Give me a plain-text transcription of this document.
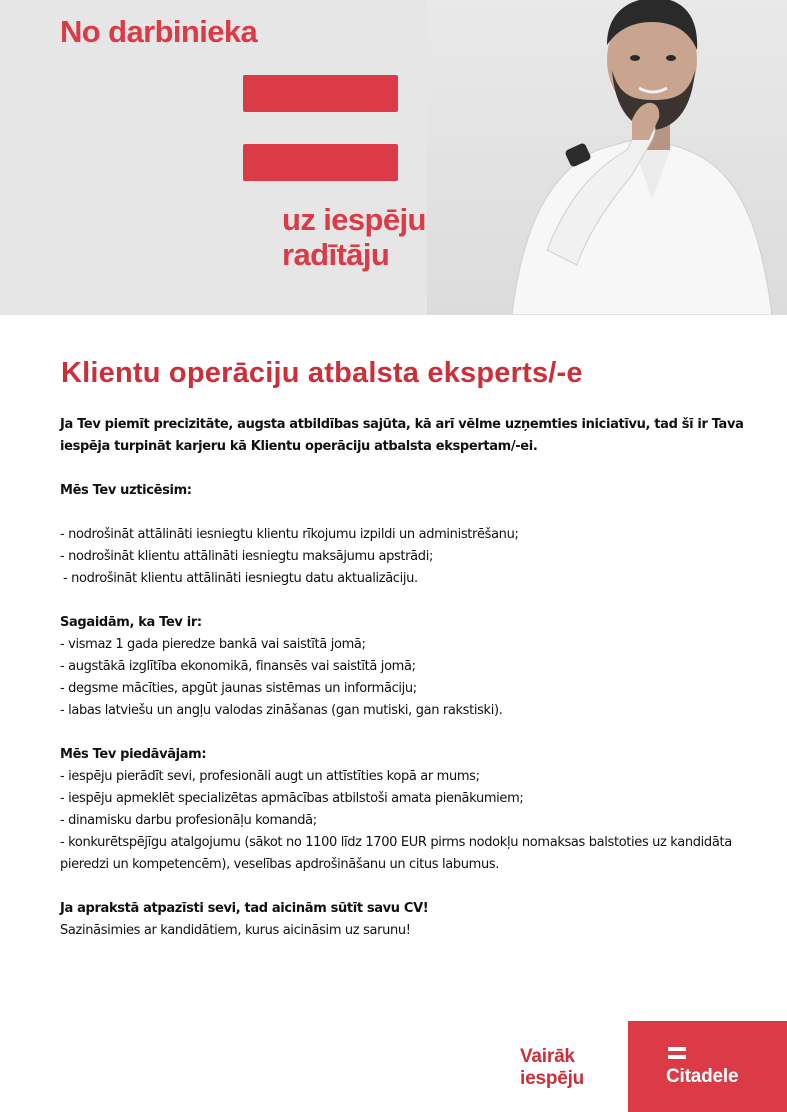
No darbinieka
uz iespēju
radītāju
Klientu operāciju atbalsta eksperts/-e

Ja Tev piemīt precizitāte, augsta atbildības sajūta, kā arī vēlme uzņemties iniciatīvu, tad šī ir Tava iespēja turpināt karjeru kā Klientu operāciju atbalsta ekspertam/-ei.

Mēs Tev uzticēsim:

- nodrošināt attālināti iesniegtu klientu rīkojumu izpildi un administrēšanu;
- nodrošināt klientu attālināti iesniegtu maksājumu apstrādi;
- nodrošināt klientu attālināti iesniegtu datu aktualizāciju.

Sagaidām, ka Tev ir:

- vismaz 1 gada pieredze bankā vai saistītā jomā;
- augstākā izglītība ekonomikā, finansēs vai saistītā jomā;
- degsme mācīties, apgūt jaunas sistēmas un informāciju;
- labas latviešu un angļu valodas zināšanas (gan mutiski, gan rakstiski).

Mēs Tev piedāvājam:

- iespēju pierādīt sevi, profesionāli augt un attīstīties kopā ar mums;
- iespēju apmeklēt specializētas apmācības atbilstoši amata pienākumiem;
- dinamisku darbu profesionāļu komandā;
- konkurētspējīgu atalgojumu (sākot no 1100 līdz 1700 EUR pirms nodokļu nomaksas balstoties uz kandidāta pieredzi un kompetencēm), veselības apdrošināšanu un citus labumus.

Ja aprakstā atpazīsti sevi, tad aicinām sūtīt savu CV!

Sazināsimies ar kandidātiem, kurus aicināsim uz sarunu!

Vairāk
iespēju	Citadele
